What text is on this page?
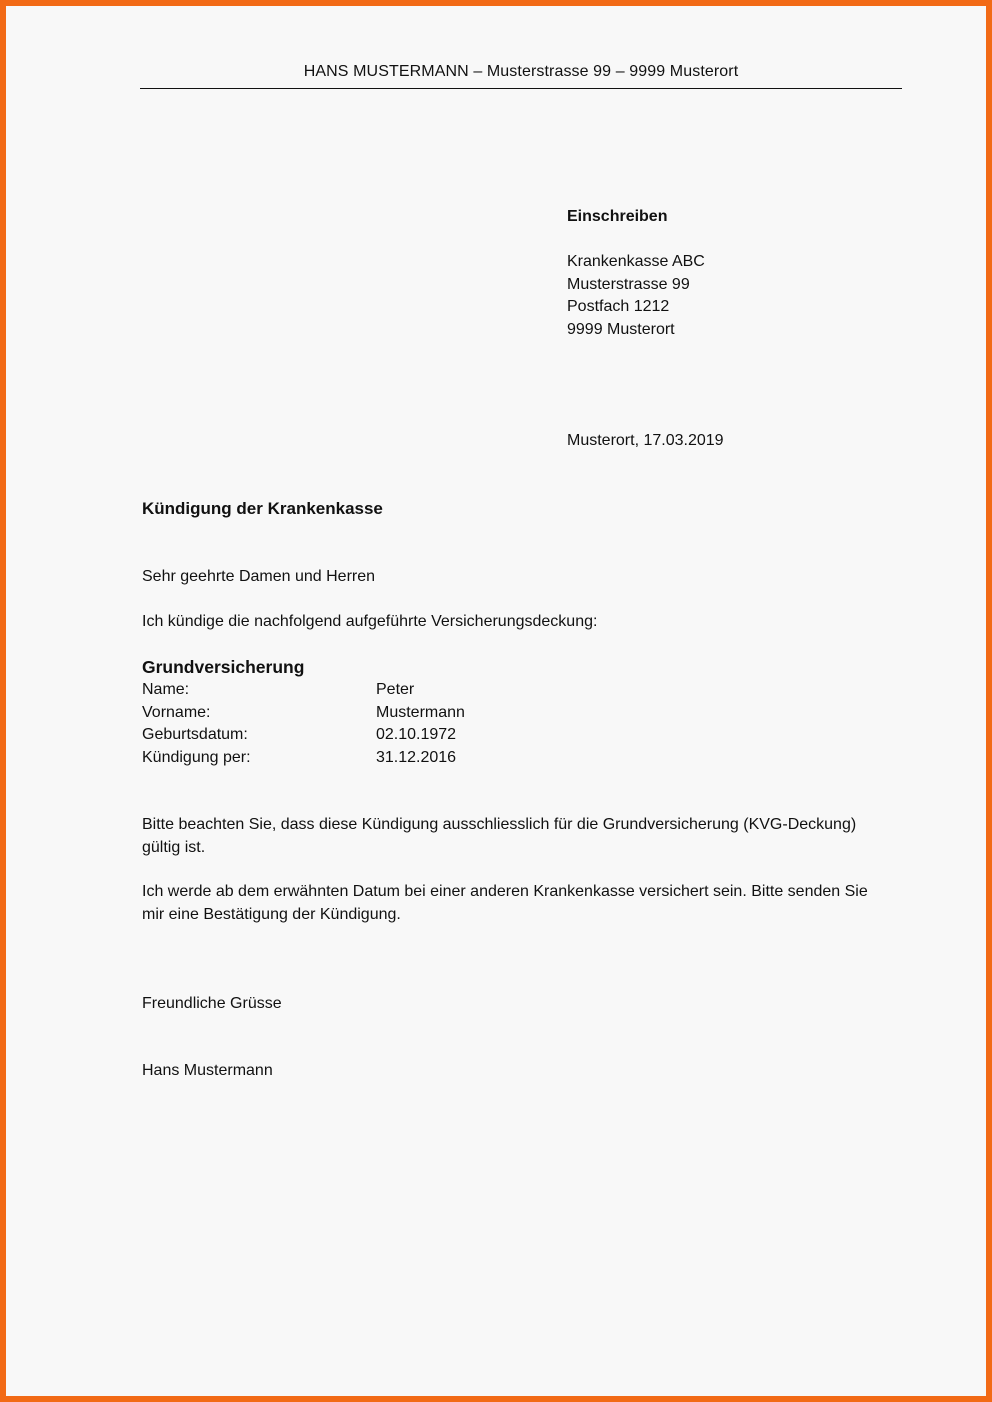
HANS MUSTERMANN – Musterstrasse 99 – 9999 Musterort
Einschreiben

Krankenkasse ABC
Musterstrasse 99
Postfach 1212
9999 Musterort
Musterort, 17.03.2019
Kündigung der Krankenkasse
Sehr geehrte Damen und Herren
Ich kündige die nachfolgend aufgeführte Versicherungsdeckung:
Grundversicherung
Name:	Peter
Vorname:	Mustermann
Geburtsdatum:	02.10.1972
Kündigung per:	31.12.2016
Bitte beachten Sie, dass diese Kündigung ausschliesslich für die Grundversicherung (KVG-Deckung) gültig ist.
Ich werde ab dem erwähnten Datum bei einer anderen Krankenkasse versichert sein. Bitte senden Sie mir eine Bestätigung der Kündigung.
Freundliche Grüsse
Hans Mustermann
